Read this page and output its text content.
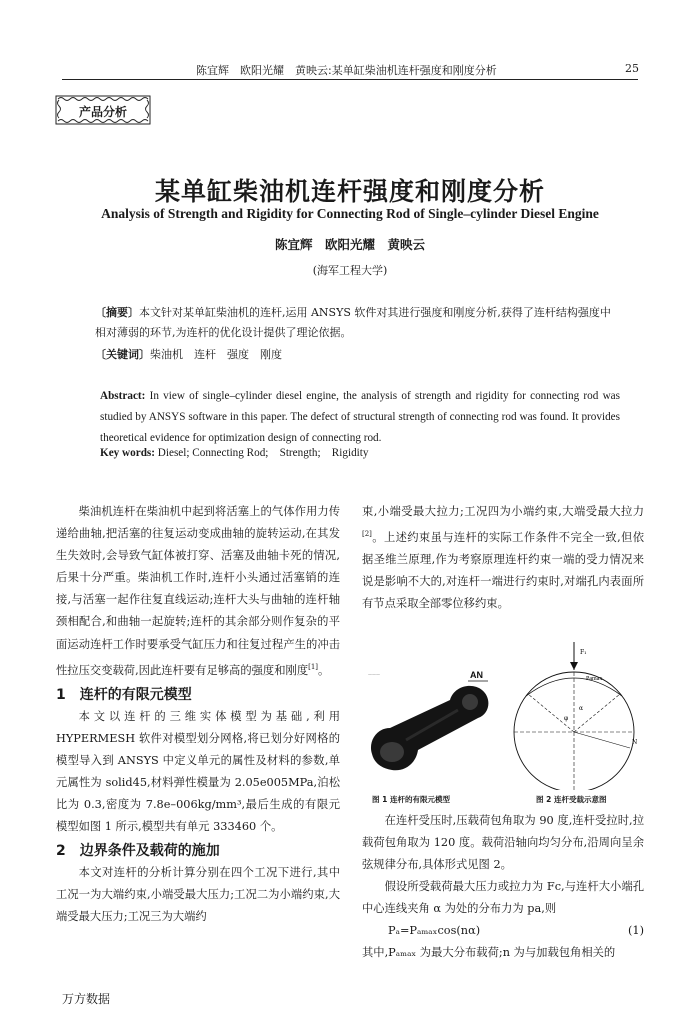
陈宜辉　欧阳光耀　黄映云:某单缸柴油机连杆强度和刚度分析	25
产品分析
某单缸柴油机连杆强度和刚度分析
Analysis of Strength and Rigidity for Connecting Rod of Single–cylinder Diesel Engine
陈宜辉　欧阳光耀　黄映云
(海军工程大学)
〔摘要〕本文针对某单缸柴油机的连杆,运用 ANSYS 软件对其进行强度和刚度分析,获得了连杆结构强度中相对薄弱的环节,为连杆的优化设计提供了理论依据。
〔关键词〕柴油机　连杆　强度　刚度
Abstract: In view of single–cylinder diesel engine, the analysis of strength and rigidity for connecting rod was studied by ANSYS software in this paper. The defect of structural strength of connecting rod was found. It provides theoretical evidence for optimization design of connecting rod.
Key words: Diesel; Connecting Rod;　Strength;　Rigidity
柴油机连杆在柴油机中起到将活塞上的气体作用力传递给曲轴,把活塞的往复运动变成曲轴的旋转运动,在其发生失效时,会导致气缸体被打穿、活塞及曲轴卡死的情况,后果十分严重。柴油机工作时,连杆小头通过活塞销的连接,与活塞一起作往复直线运动;连杆大头与曲轴的连杆轴颈相配合,和曲轴一起旋转;连杆的其余部分则作复杂的平面运动连杆工作时要承受气缸压力和往复过程产生的冲击性拉压交变载荷,因此连杆要有足够高的强度和刚度[1]。
1　连杆的有限元模型
本文以连杆的三维实体模型为基础,利用 HYPERMESH 软件对模型划分网格,将已划分好网格的模型导入到 ANSYS 中定义单元的属性及材料的参数,单元属性为 solid45,材料弹性模量为 2.05e005MPa,泊松比为 0.3,密度为 7.8e–006kg/mm³,最后生成的有限元模型如图 1 所示,模型共有单元 333460 个。
2　边界条件及载荷的施加
本文对连杆的分析计算分别在四个工况下进行,其中工况一为大端约束,小端受最大压力;工况二为小端约束,大端受最大压力;工况三为大端约
束,小端受最大拉力;工况四为小端约束,大端受最大拉力[2]。上述约束虽与连杆的实际工作条件不完全一致,但依据圣维兰原理,作为考察原理连杆约束一端的受力情况来说是影响不大的,对连杆一端进行约束时,对端孔内表面所有节点采取全部零位移约束。
———	AN
F₁
Pamax
α
φ
N
图 1 连杆的有限元模型	图 2 连杆受载示意图
在连杆受压时,压载荷包角取为 90 度,连杆受拉时,拉载荷包角取为 120 度。载荷沿轴向均匀分布,沿周向呈余弦规律分布,具体形式见图 2。
假设所受载荷最大压力或拉力为 Fc,与连杆大小端孔中心连线夹角 α 为处的分布力为 pa,则
Pₐ=Pₐₘₐₓcos(nα)	(1)
其中,Pₐₘₐₓ 为最大分布载荷;n 为与加载包角相关的
万方数据
